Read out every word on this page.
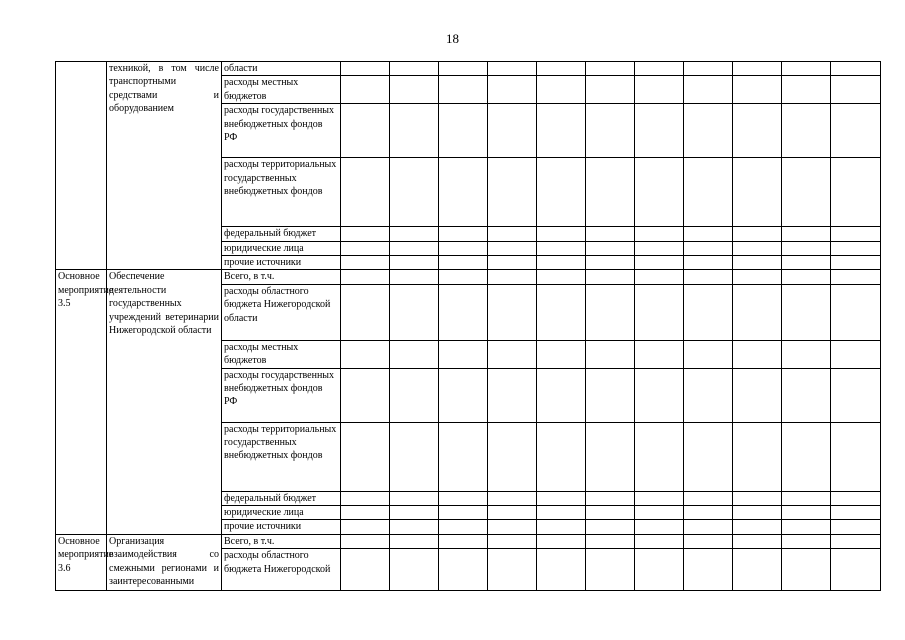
18
	техникой, в том числе транспортными средствами и оборудованием	области											
		расходы местных бюджетов											
		расходы государственных внебюджетных фондов РФ											
		расходы территориальных государственных внебюджетных фондов											
		федеральный бюджет											
		юридические лица											
		прочие источники											
Основное мероприятие 3.5	Обеспечение деятельности государственных учреждений ветеринарии Нижегородской области	Всего, в т.ч.											
		расходы областного бюджета Нижегородской области											
		расходы местных бюджетов											
		расходы государственных внебюджетных фондов РФ											
		расходы территориальных государственных внебюджетных фондов											
		федеральный бюджет											
		юридические лица											
		прочие источники											
Основное мероприятие 3.6	Организация взаимодействия со смежными регионами и заинтересованными	Всего, в т.ч.											
		расходы областного бюджета Нижегородской											
